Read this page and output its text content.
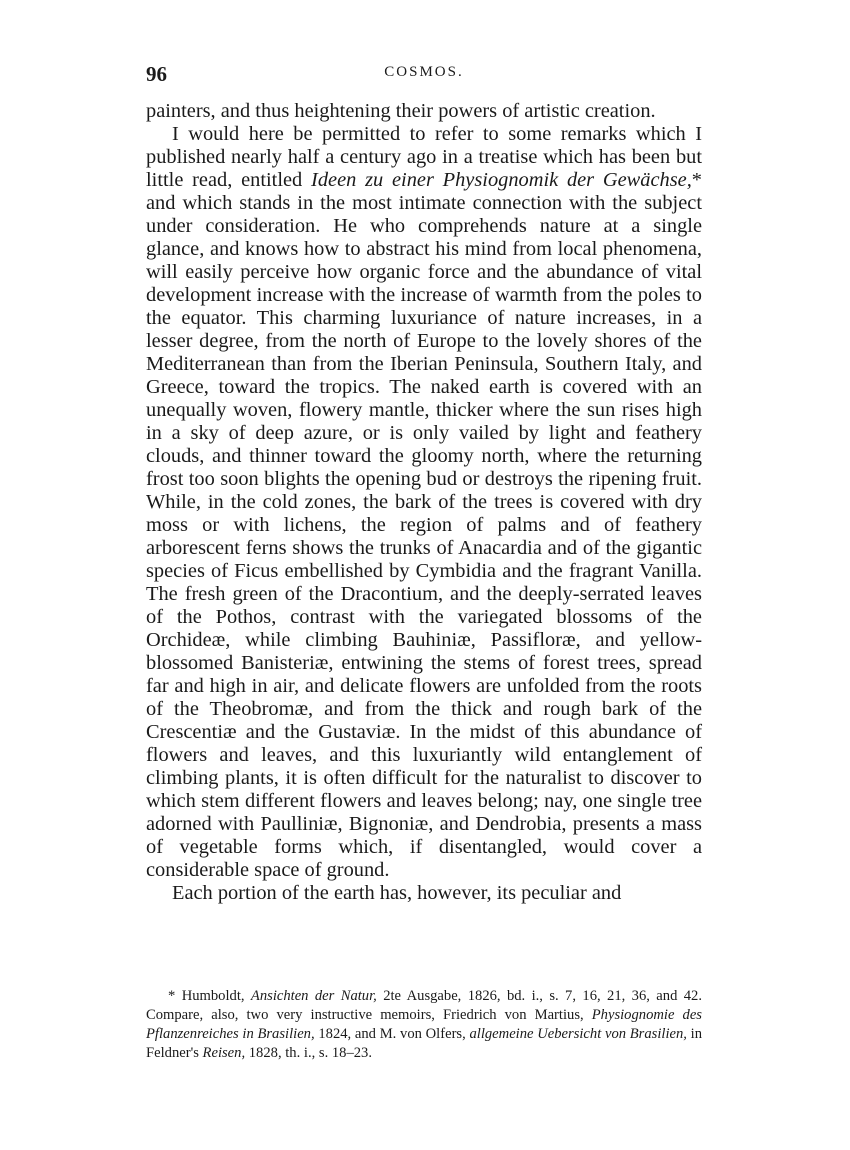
96	COSMOS.

painters, and thus heightening their powers of artistic creation.

I would here be permitted to refer to some remarks which I published nearly half a century ago in a treatise which has been but little read, entitled Ideen zu einer Physiognomik der Gewächse,* and which stands in the most intimate connection with the subject under consideration. He who comprehends nature at a single glance, and knows how to abstract his mind from local phenomena, will easily perceive how organic force and the abundance of vital development increase with the increase of warmth from the poles to the equator. This charming luxuriance of nature increases, in a lesser degree, from the north of Europe to the lovely shores of the Mediterranean than from the Iberian Peninsula, Southern Italy, and Greece, toward the tropics. The naked earth is covered with an unequally woven, flowery mantle, thicker where the sun rises high in a sky of deep azure, or is only vailed by light and feathery clouds, and thinner toward the gloomy north, where the returning frost too soon blights the opening bud or destroys the ripening fruit. While, in the cold zones, the bark of the trees is covered with dry moss or with lichens, the region of palms and of feathery arborescent ferns shows the trunks of Anacardia and of the gigantic species of Ficus embellished by Cymbidia and the fragrant Vanilla. The fresh green of the Dracontium, and the deeply-serrated leaves of the Pothos, contrast with the variegated blossoms of the Orchideæ, while climbing Bauhiniæ, Passifloræ, and yellow-blossomed Banisteriæ, entwining the stems of forest trees, spread far and high in air, and delicate flowers are unfolded from the roots of the Theobromæ, and from the thick and rough bark of the Crescentiæ and the Gustaviæ. In the midst of this abundance of flowers and leaves, and this luxuriantly wild entanglement of climbing plants, it is often difficult for the naturalist to discover to which stem different flowers and leaves belong; nay, one single tree adorned with Paulliniæ, Bignoniæ, and Dendrobia, presents a mass of vegetable forms which, if disentangled, would cover a considerable space of ground.

Each portion of the earth has, however, its peculiar and

* Humboldt, Ansichten der Natur, 2te Ausgabe, 1826, bd. i., s. 7, 16, 21, 36, and 42. Compare, also, two very instructive memoirs, Friedrich von Martius, Physiognomie des Pflanzenreiches in Brasilien, 1824, and M. von Olfers, allgemeine Uebersicht von Brasilien, in Feldner's Reisen, 1828, th. i., s. 18–23.
